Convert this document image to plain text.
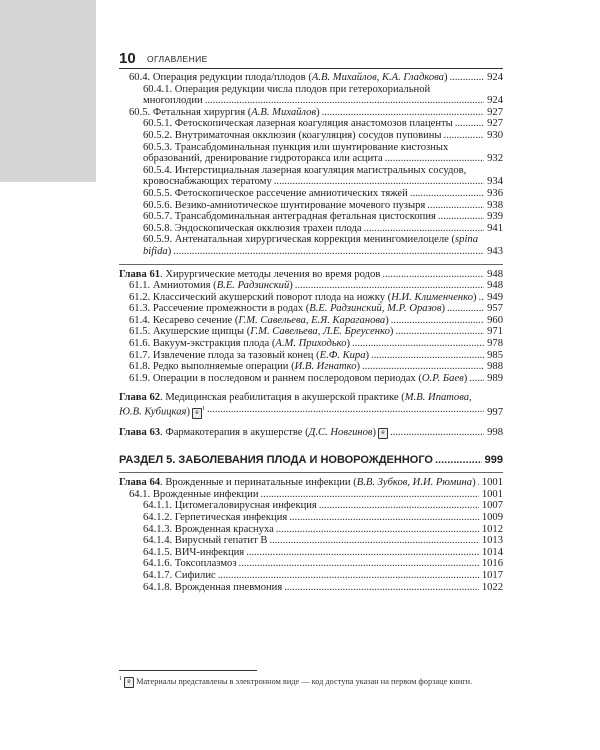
10 ОГЛАВЛЕНИЕ
60.4. Операция редукции плода/плодов (А.В. Михайлов, К.А. Гладкова) .....	924
60.4.1. Операция редукции числа плодов при гетерохориальной многоплодии .....	924
60.5. Фетальная хирургия (А.В. Михайлов) .....	927
60.5.1. Фетоскопическая лазерная коагуляция анастомозов плаценты .....	927
60.5.2. Внутриматочная окклюзия (коагуляция) сосудов пуповины .....	930
60.5.3. Трансабдоминальная пункция или шунтирование кистозных образований, дренирование гидроторакса или асцита .....	932
60.5.4. Интерстициальная лазерная коагуляция магистральных сосудов, кровоснабжающих тератому .....	934
60.5.5. Фетоскопическое рассечение амниотических тяжей .....	936
60.5.6. Везико-амниотическое шунтирование мочевого пузыря .....	938
60.5.7. Трансабдоминальная антеградная фетальная цистоскопия .....	939
60.5.8. Эндоскопическая окклюзия трахеи плода .....	941
60.5.9. Антенатальная хирургическая коррекция менингомиелоцеле (spina bifida) .....	943
Глава 61. Хирургические методы лечения во время родов .....	948
61.1. Амниотомия (В.Е. Радзинский) .....	948
61.2. Классический акушерский поворот плода на ножку (Н.И. Клименченко) ..... 949
61.3. Рассечение промежности в родах (В.Е. Радзинский, М.Р. Оразов) .....	957
61.4. Кесарево сечение (Г.М. Савельева, Е.Я. Караганова) .....	960
61.5. Акушерские щипцы (Г.М. Савельева, Л.Е. Бреусенко) .....	971
61.6. Вакуум-экстракция плода (А.М. Приходько) .....	978
61.7. Извлечение плода за тазовый конец (Е.Ф. Кира) .....	985
61.8. Редко выполняемые операции (И.В. Игнатко) .....	988
61.9. Операции в последовом и раннем послеродовом периодах (О.Р. Баев) .....	989
Глава 62. Медицинская реабилитация в акушерской практике (М.В. Ипатова, Ю.В. Кубицкая) $e^1$ .....	997
Глава 63. Фармакотерапия в акушерстве (Д.С. Новгинов) e .....	998
РАЗДЕЛ 5. ЗАБОЛЕВАНИЯ ПЛОДА И НОВОРОЖДЕННОГО .....	999
Глава 64. Врожденные и перинатальные инфекции (В.В. Зубков, И.И. Рюмина) ..... 1001
64.1. Врожденные инфекции .....	1001
64.1.1. Цитомегаловирусная инфекция .....	1007
64.1.2. Герпетическая инфекция .....	1009
64.1.3. Врожденная краснуха .....	1012
64.1.4. Вирусный гепатит В .....	1013
64.1.5. ВИЧ-инфекция .....	1014
64.1.6. Токсоплазмоз .....	1016
64.1.7. Сифилис .....	1017
64.1.8. Врожденная пневмония .....	1022
$^1$ e Материалы представлены в электронном виде — код доступа указан на первом форзаце книги.
